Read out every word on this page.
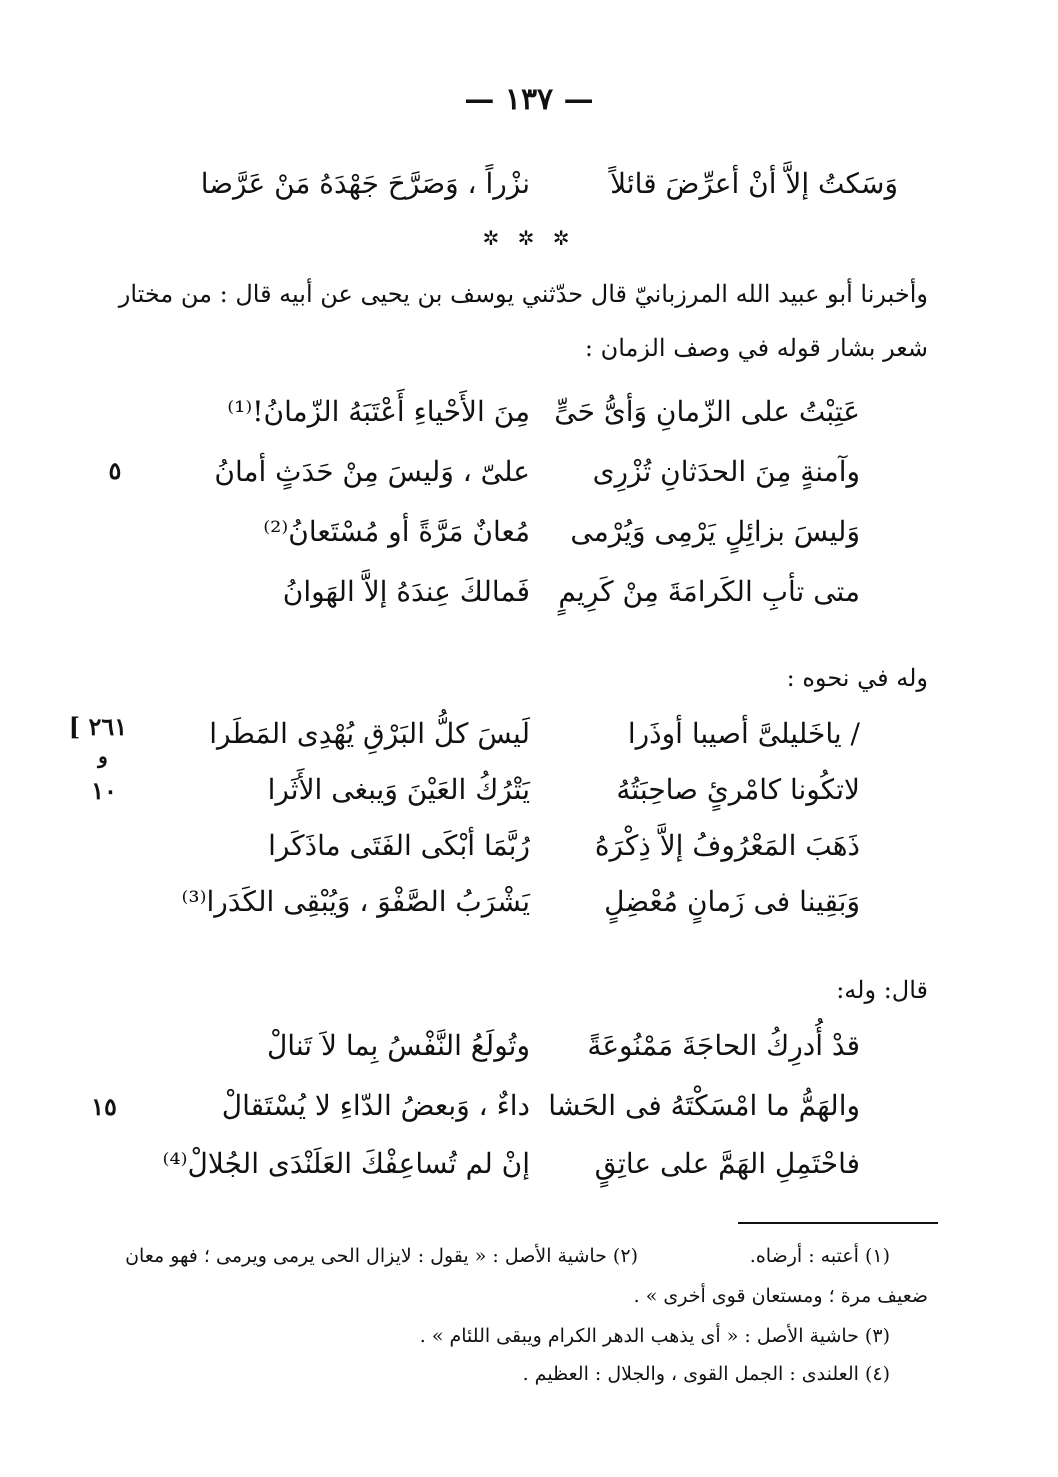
— ١٣٧ —
وَسَكتُ إلاَّ أنْ أعرِّضَ قائلاً
نزْراً ، وَصَرَّحَ جَهْدَهُ مَنْ عَرَّضا
✲ ✲ ✲
وأخبرنا أبو عبيد الله المرزبانيّ قال حدّثني يوسف بن يحيى عن أبيه قال : من مختار
شعر بشار قوله في وصف الزمان :
عَتِبْتُ على الزّمانِ وَأىُّ حَىٍّ
مِنَ الأَحْياءِ أَعْتَبَهُ الزّمانُ!⁽¹⁾
وآمنةٍ مِنَ الحدَثانِ تُزْرِى
علىّ ، وَليسَ مِنْ حَدَثٍ أمانُ
وَليسَ بزائِلٍ يَرْمِى وَيُرْمى
مُعانٌ مَرَّةً أو مُسْتَعانُ⁽²⁾
متى تأبِ الكَرامَةَ مِنْ كَرِيمٍ
فَمالكَ عِندَهُ إلاَّ الهَوانُ
وله في نحوه :
/ ياخَليلىَّ أصيبا أوذَرا
لَيسَ كلُّ البَرْقِ يُهْدِى المَطَرا
لاتكُونا كامْرئٍ صاحِبَتُهُ
يَتْرُكُ العَيْنَ وَيبغى الأَثَرا
ذَهَبَ المَعْرُوفُ إلاَّ ذِكْرَهُ
رُبَّمَا أبْكَى الفَتَى ماذَكَرا
وَبَقِينا فى زَمانٍ مُعْضِلٍ
يَشْرَبُ الصَّفْوَ ، وَيُبْقِى الكَدَرا⁽³⁾
قال: وله:
قدْ أُدرِكُ الحاجَةَ مَمْنُوعَةً
وتُولَعُ النَّفْسُ بِما لاَ تَنالْ
والهَمُّ ما امْسَكْتَهُ فى الحَشا
داءٌ ، وَبعضُ الدّاءِ لا يُسْتَقالْ
فاحْتَمِلِ الهَمَّ على عاتِقٍ
إنْ لم تُساعِفْكَ العَلَنْدَى الجُلالْ⁽⁴⁾
٥
[ ٢٦١
و
١٠
١٥
(١) أعتبه : أرضاه.
(٢) حاشية الأصل : « يقول : لايزال الحى يرمى ويرمى ؛ فهو معان
ضعيف مرة ؛ ومستعان قوى أخرى » .
(٣) حاشية الأصل : « أى يذهب الدهر الكرام ويبقى اللئام » .
(٤) العلندى : الجمل القوى ، والجلال : العظيم .
